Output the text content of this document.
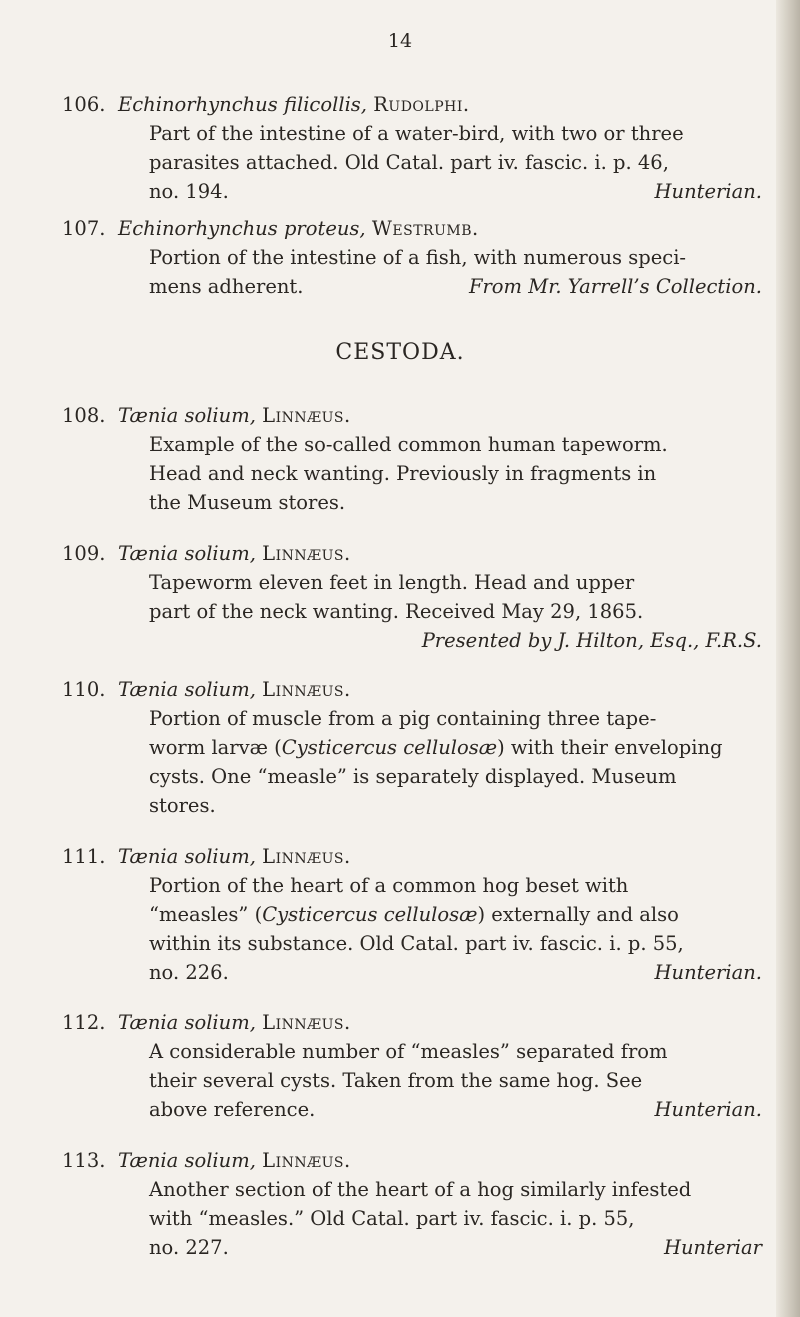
14
106. Echinorhynchus filicollis, Rudolphi.
Part of the intestine of a water-bird, with two or three
parasites attached. Old Catal. part iv. fascic. i. p. 46,
no. 194.	Hunterian.
107. Echinorhynchus proteus, Westrumb.
Portion of the intestine of a fish, with numerous speci-
mens adherent.	From Mr. Yarrell’s Collection.
CESTODA.
108. Tænia solium, Linnæus.
Example of the so-called common human tapeworm.
Head and neck wanting. Previously in fragments in
the Museum stores.
109. Tænia solium, Linnæus.
Tapeworm eleven feet in length. Head and upper
part of the neck wanting. Received May 29, 1865.
Presented by J. Hilton, Esq., F.R.S.
110. Tænia solium, Linnæus.
Portion of muscle from a pig containing three tape-
worm larvæ (Cysticercus cellulosæ) with their enveloping
cysts. One “measle” is separately displayed. Museum
stores.
111. Tænia solium, Linnæus.
Portion of the heart of a common hog beset with
“measles” (Cysticercus cellulosæ) externally and also
within its substance. Old Catal. part iv. fascic. i. p. 55,
no. 226.	Hunterian.
112. Tænia solium, Linnæus.
A considerable number of “measles” separated from
their several cysts. Taken from the same hog. See
above reference.	Hunterian.
113. Tænia solium, Linnæus.
Another section of the heart of a hog similarly infested
with “measles.” Old Catal. part iv. fascic. i. p. 55,
no. 227.	Hunteriar
